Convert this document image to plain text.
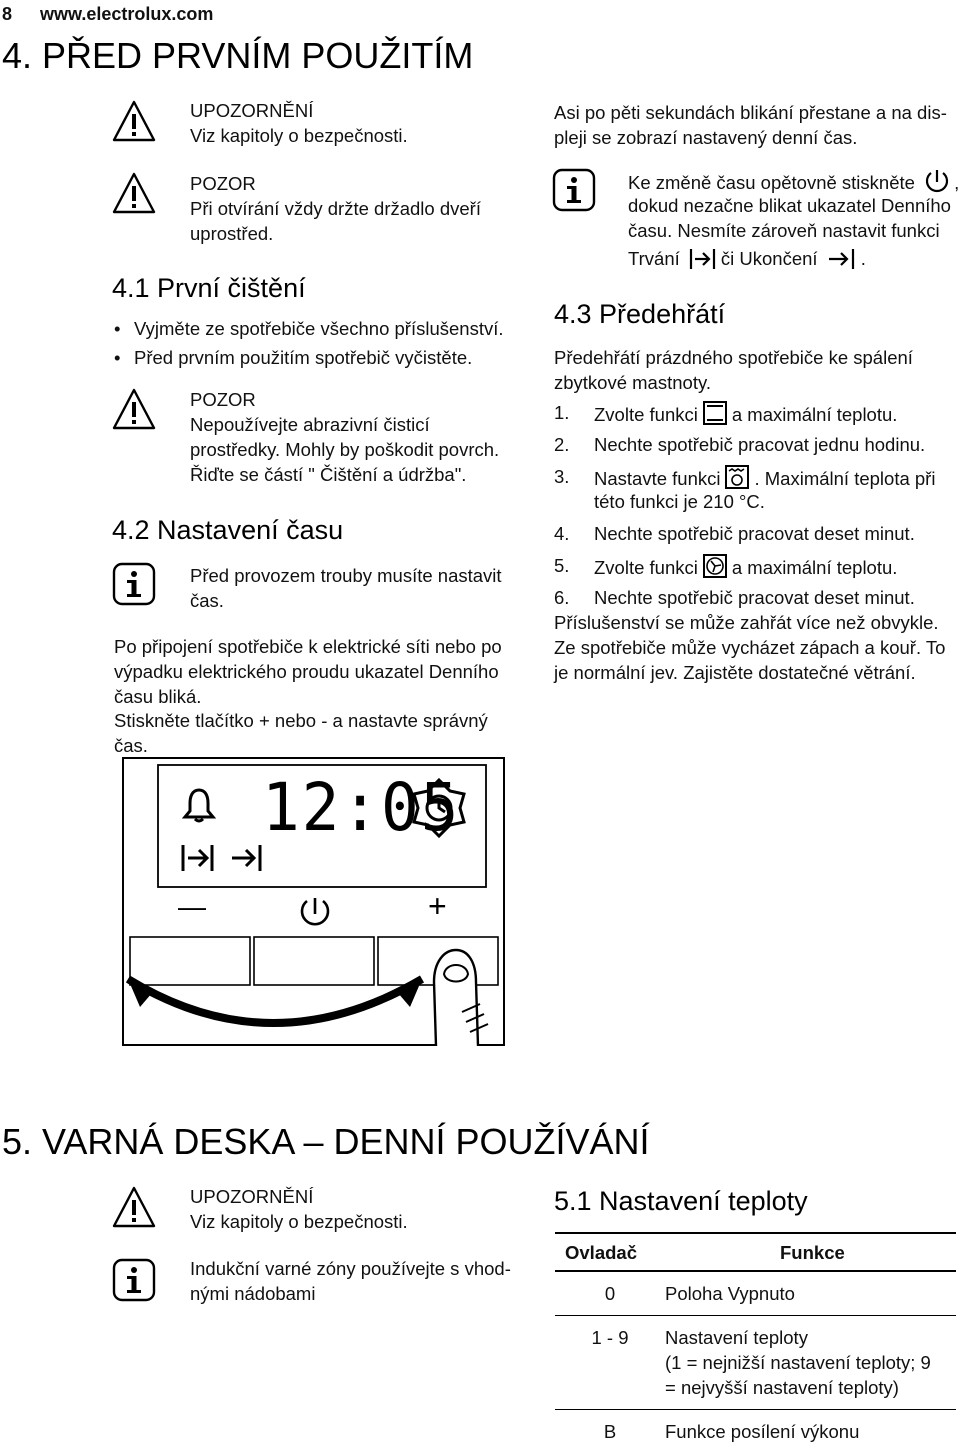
8 www.electrolux.com
4. PŘED PRVNÍM POUŽITÍM
UPOZORNĚNÍ
Viz kapitoly o bezpečnosti.
POZOR
Při otvírání vždy držte držadlo dveří
uprostřed.
4.1 První čištění
• Vyjměte ze spotřebiče všechno příslušenství.
• Před prvním použitím spotřebič vyčistěte.
POZOR
Nepoužívejte abrazivní čisticí
prostředky. Mohly by poškodit povrch.
Řiďte se částí " Čištění a údržba".
4.2 Nastavení času
Před provozem trouby musíte nastavit
čas.
Po připojení spotřebiče k elektrické síti nebo po
výpadku elektrického proudu ukazatel Denního
času bliká.
Stiskněte tlačítko + nebo - a nastavte správný
čas.
12:05
—	+
Asi po pěti sekundách blikání přestane a na dis-
pleji se zobrazí nastavený denní čas.
Ke změně času opětovně stiskněte ,
dokud nezačne blikat ukazatel Denního
času. Nesmíte zároveň nastavit funkci
Trvání či Ukončení .
4.3 Předehřátí
Předehřátí prázdného spotřebiče ke spálení
zbytkové mastnoty.
1. Zvolte funkci a maximální teplotu.
2. Nechte spotřebič pracovat jednu hodinu.
3. Nastavte funkci . Maximální teplota při
této funkci je 210 °C.
4. Nechte spotřebič pracovat deset minut.
5. Zvolte funkci a maximální teplotu.
6. Nechte spotřebič pracovat deset minut.
Příslušenství se může zahřát více než obvykle.
Ze spotřebiče může vycházet zápach a kouř. To
je normální jev. Zajistěte dostatečné větrání.
5. VARNÁ DESKA – DENNÍ POUŽÍVÁNÍ
UPOZORNĚNÍ
Viz kapitoly o bezpečnosti.
Indukční varné zóny používejte s vhod-
nými nádobami
5.1 Nastavení teploty
Ovladač	Funkce
0	Poloha Vypnuto
1 - 9	Nastavení teploty
(1 = nejnižší nastavení teploty; 9
= nejvyšší nastavení teploty)

B	Funkce posílení výkonu
